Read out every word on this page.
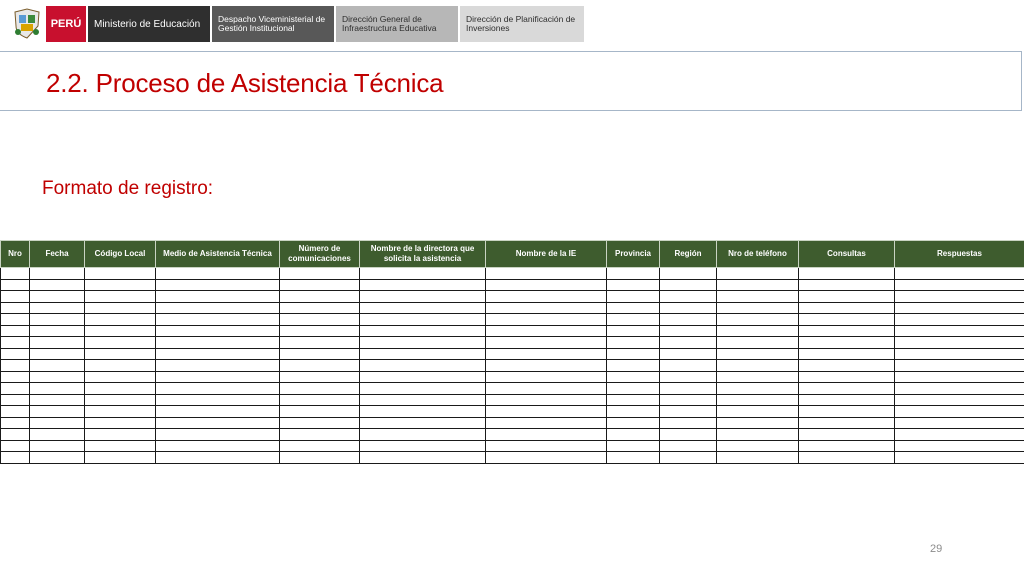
PERÚ	Ministerio de Educación	Despacho Viceministerial de Gestión Institucional
Dirección General de Infraestructura Educativa
Dirección de Planificación de Inversiones
2.2. Proceso de Asistencia Técnica
Formato de registro:
Nro	Fecha	Código Local	Medio de Asistencia Técnica	Número de comunicaciones	Nombre de la directora que solicita la asistencia	Nombre de la IE	Provincia	Región	Nro de teléfono	Consultas	Respuestas

29
